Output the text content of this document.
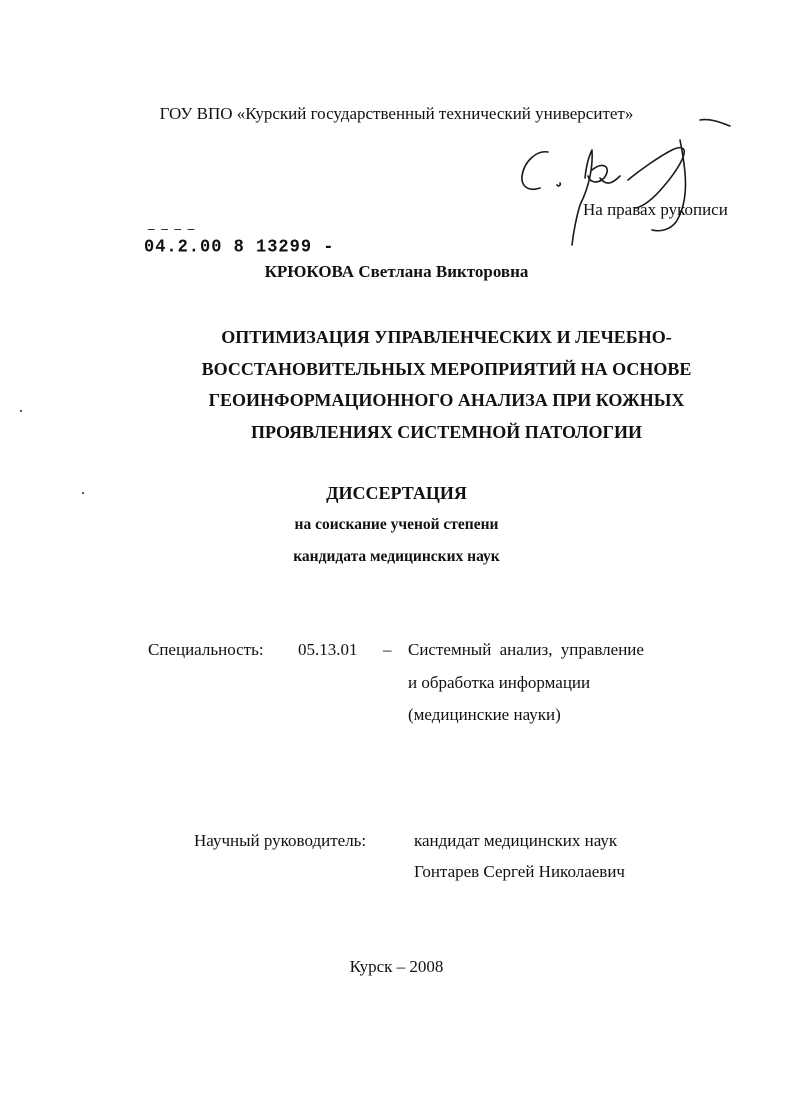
ГОУ ВПО «Курский государственный технический университет»
На правах рукописи
ـ ـ ـ ـ
04.2.00 8 13299 -
КРЮКОВА Светлана Викторовна
ОПТИМИЗАЦИЯ УПРАВЛЕНЧЕСКИХ И ЛЕЧЕБНО-
ВОССТАНОВИТЕЛЬНЫХ МЕРОПРИЯТИЙ НА ОСНОВЕ
ГЕОИНФОРМАЦИОННОГО АНАЛИЗА ПРИ КОЖНЫХ
ПРОЯВЛЕНИЯХ СИСТЕМНОЙ ПАТОЛОГИИ
ДИССЕРТАЦИЯ
на соискание ученой степени
кандидата медицинских наук
Специальность: 05.13.01 – Системный анализ, управление
и обработка информации
(медицинские науки)
Научный руководитель:	кандидат медицинских наук
Гонтарев Сергей Николаевич
Курск – 2008
